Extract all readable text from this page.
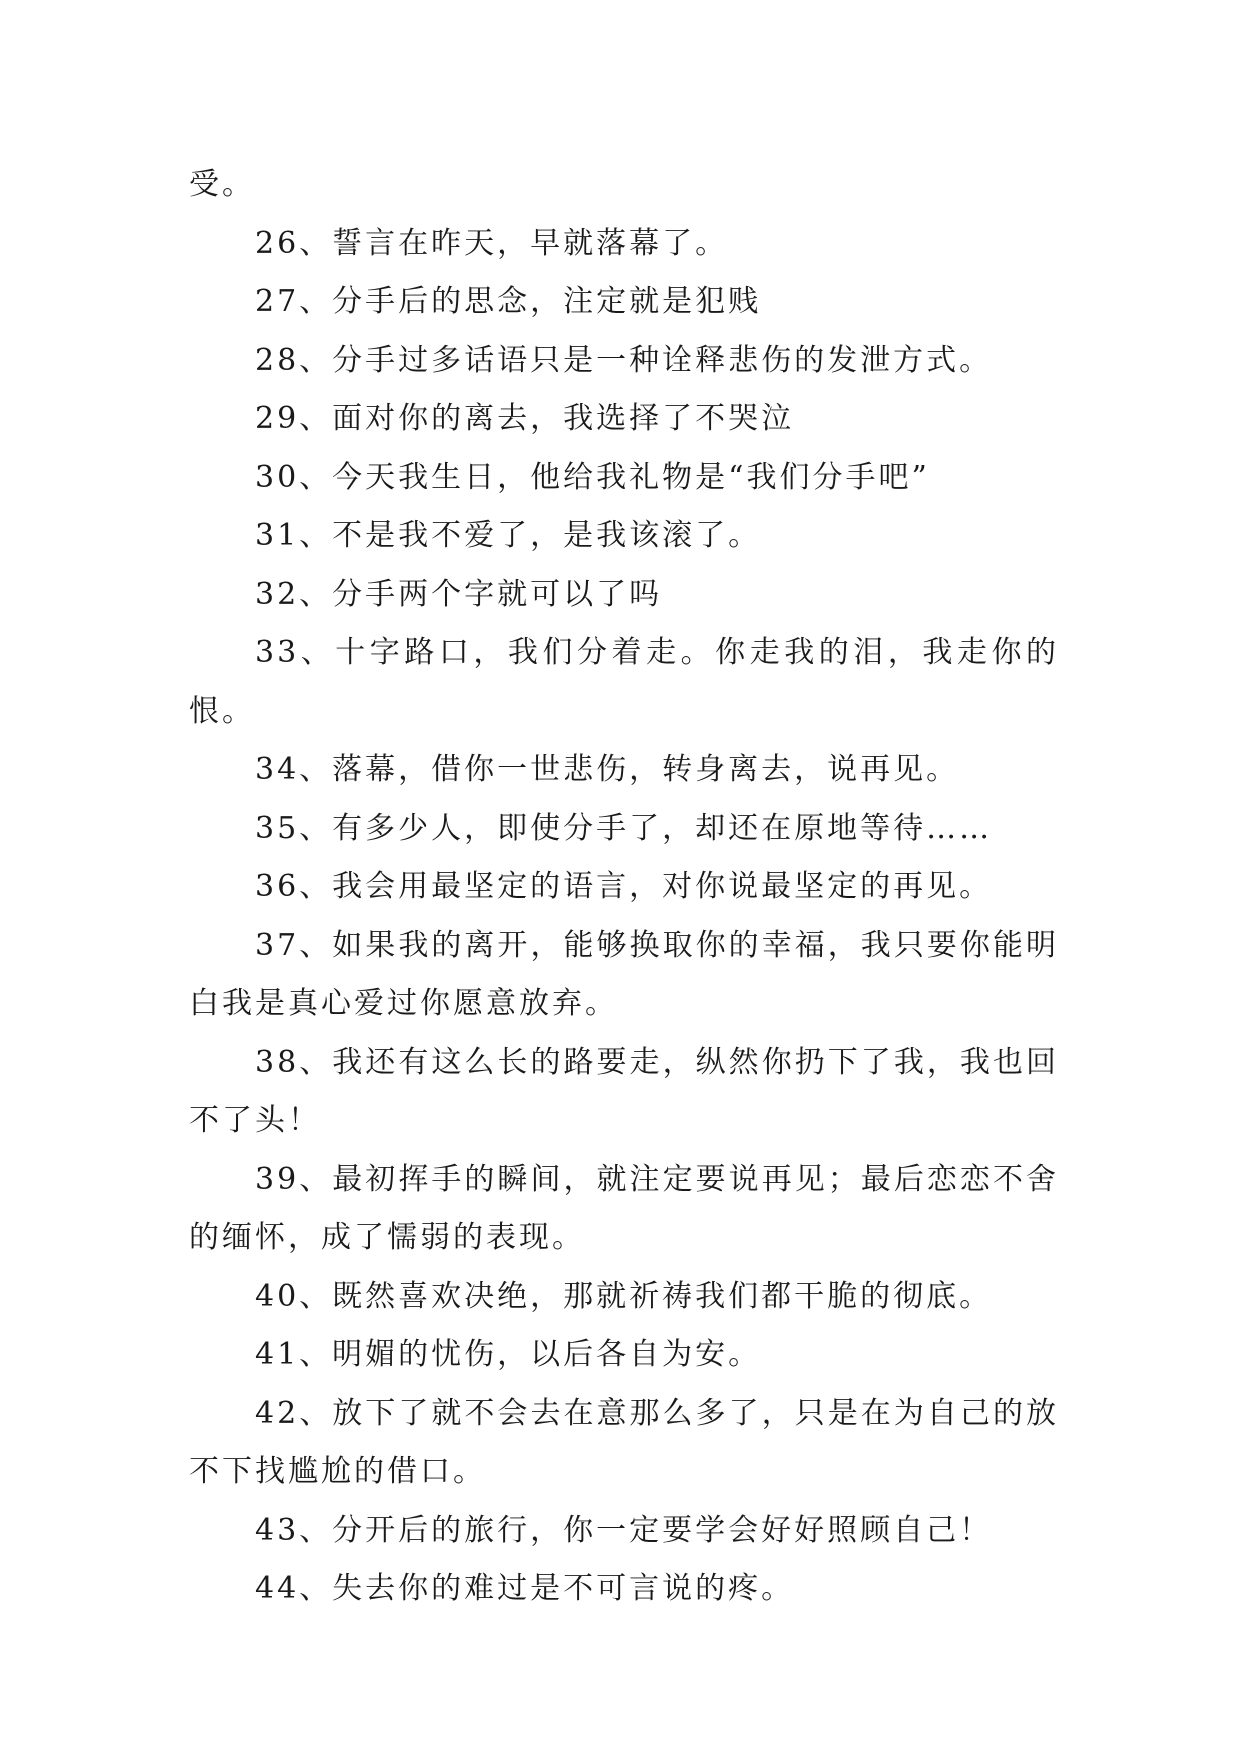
受。

26、誓言在昨天，早就落幕了。

27、分手后的思念，注定就是犯贱

28、分手过多话语只是一种诠释悲伤的发泄方式。

29、面对你的离去，我选择了不哭泣

30、今天我生日，他给我礼物是“我们分手吧”

31、不是我不爱了，是我该滚了。

32、分手两个字就可以了吗

33、十字路口，我们分着走。你走我的泪，我走你的恨。

34、落幕，借你一世悲伤，转身离去，说再见。

35、有多少人，即使分手了，却还在原地等待……

36、我会用最坚定的语言，对你说最坚定的再见。

37、如果我的离开，能够换取你的幸福，我只要你能明白我是真心爱过你愿意放弃。

38、我还有这么长的路要走，纵然你扔下了我，我也回不了头！

39、最初挥手的瞬间，就注定要说再见；最后恋恋不舍的缅怀，成了懦弱的表现。

40、既然喜欢决绝，那就祈祷我们都干脆的彻底。

41、明媚的忧伤，以后各自为安。

42、放下了就不会去在意那么多了，只是在为自己的放不下找尴尬的借口。

43、分开后的旅行，你一定要学会好好照顾自己！

44、失去你的难过是不可言说的疼。
